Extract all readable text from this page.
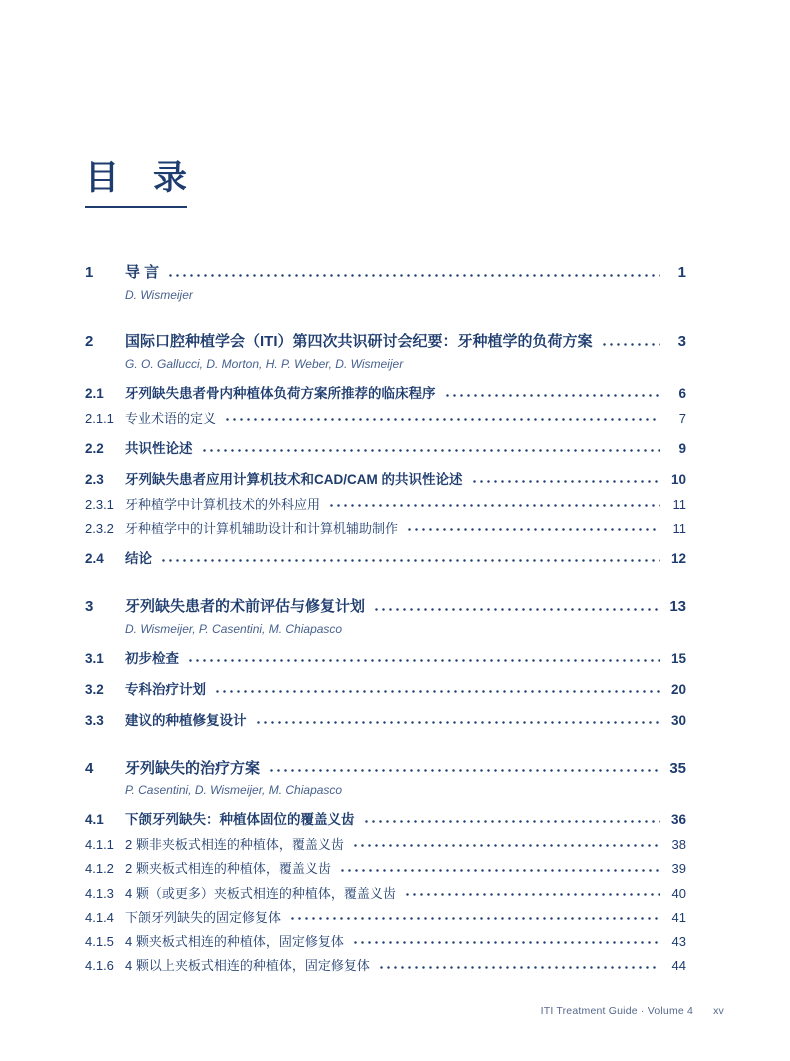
目　录
1	导 言	1
D. Wismeijer
2	国际口腔种植学会（ITI）第四次共识研讨会纪要：牙种植学的负荷方案	3
G. O. Gallucci, D. Morton, H. P. Weber, D. Wismeijer
2.1	牙列缺失患者骨内种植体负荷方案所推荐的临床程序	6
2.1.1 专业术语的定义	7
2.2	共识性论述	9
2.3	牙列缺失患者应用计算机技术和CAD/CAM 的共识性论述	10
2.3.1 牙种植学中计算机技术的外科应用	11
2.3.2 牙种植学中的计算机辅助设计和计算机辅助制作	11
2.4	结论	12
3	牙列缺失患者的术前评估与修复计划	13
D. Wismeijer, P. Casentini, M. Chiapasco
3.1	初步检查	15
3.2	专科治疗计划	20
3.3	建议的种植修复设计	30
4	牙列缺失的治疗方案	35
P. Casentini, D. Wismeijer, M. Chiapasco
4.1	下颌牙列缺失：种植体固位的覆盖义齿	36
4.1.1 2 颗非夹板式相连的种植体，覆盖义齿	38
4.1.2 2 颗夹板式相连的种植体，覆盖义齿	39
4.1.3 4 颗（或更多）夹板式相连的种植体，覆盖义齿	40
4.1.4 下颌牙列缺失的固定修复体	41
4.1.5 4 颗夹板式相连的种植体，固定修复体	43
4.1.6 4 颗以上夹板式相连的种植体，固定修复体	44
ITI Treatment Guide · Volume 4 xv
